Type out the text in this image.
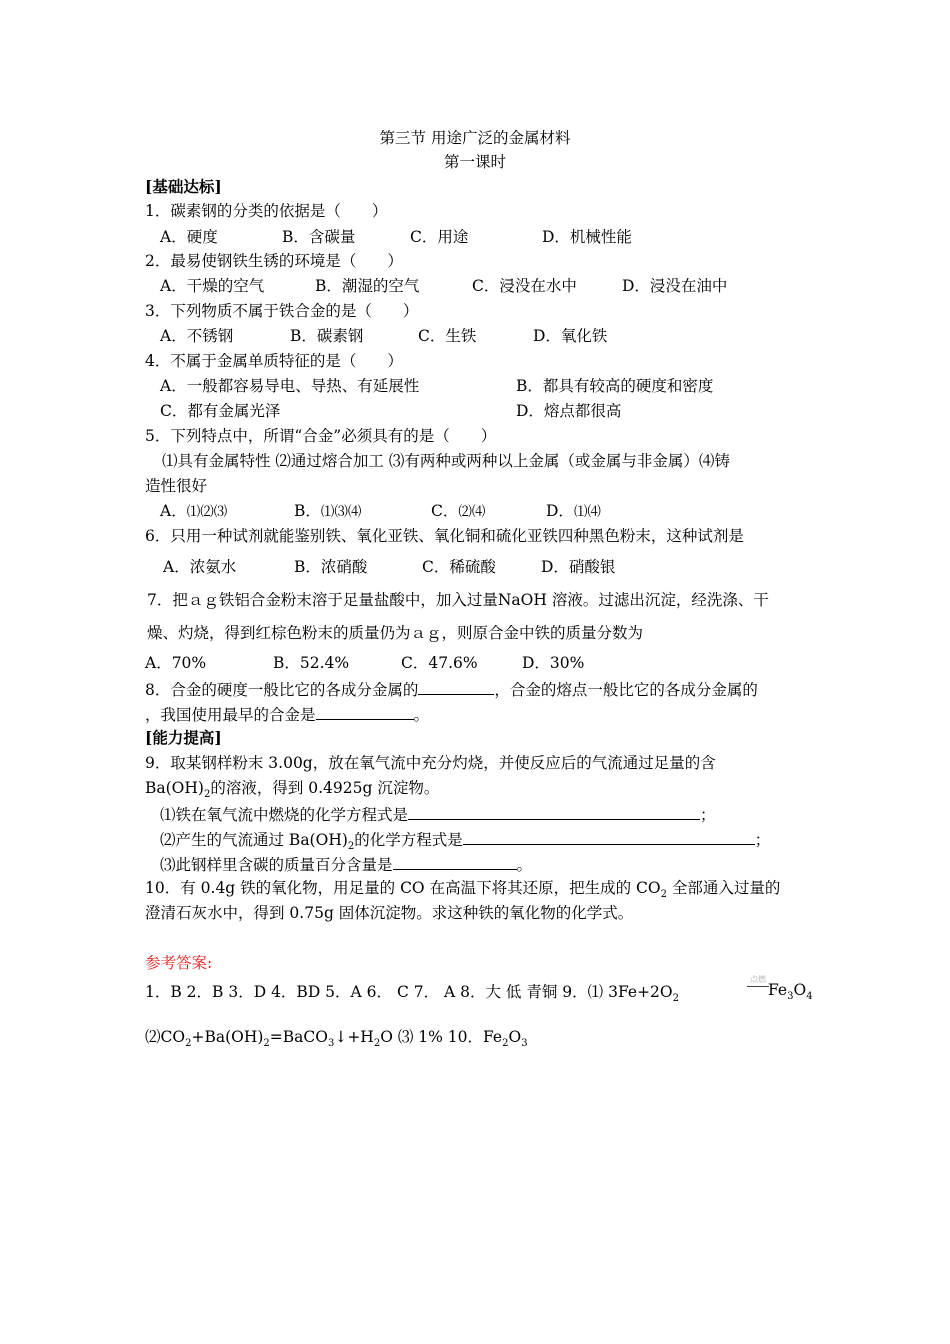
第三节 用途广泛的金属材料
第一课时
[基础达标]
1．碳素钢的分类的依据是（　　）
A．硬度	B．含碳量	C．用途	D．机械性能
2．最易使钢铁生锈的环境是（　　）
A．干燥的空气	B．潮湿的空气	C．浸没在水中	D．浸没在油中
3．下列物质不属于铁合金的是（　　）
A．不锈钢	B．碳素钢	C．生铁	D．氧化铁
4．不属于金属单质特征的是（　　）
A．一般都容易导电、导热、有延展性	B．都具有较高的硬度和密度
C．都有金属光泽	D．熔点都很高
5．下列特点中，所谓“合金”必须具有的是（　　）
⑴具有金属特性 ⑵通过熔合加工 ⑶有两种或两种以上金属（或金属与非金属）⑷铸
造性很好
A．⑴⑵⑶	B．⑴⑶⑷	C．⑵⑷	D．⑴⑷
6．只用一种试剂就能鉴别铁、氧化亚铁、氧化铜和硫化亚铁四种黑色粉末，这种试剂是
A．浓氨水	B．浓硝酸	C．稀硫酸	D．硝酸银
7．把ａｇ铁铝合金粉末溶于足量盐酸中，加入过量NaOH 溶液。过滤出沉淀，经洗涤、干
燥、灼烧，得到红棕色粉末的质量仍为ａｇ，则原合金中铁的质量分数为
A．70%	B．52.4%	C．47.6%	D．30%
8．合金的硬度一般比它的各成分金属的	，合金的熔点一般比它的各成分金属的
，我国使用最早的合金是	。
[能力提高]
9．取某钢样粉末 3.00g，放在氧气流中充分灼烧，并使反应后的气流通过足量的含
$Ba(OH)_2$的溶液，得到 0.4925g 沉淀物。
⑴铁在氧气流中燃烧的化学方程式是	；
⑵产生的气流通过 $Ba(OH)_2$的化学方程式是	；
⑶此钢样里含碳的质量百分含量是	。
10．有 0.4g 铁的氧化物，用足量的 CO 在高温下将其还原，把生成的 $CO_2$ 全部通入过量的
澄清石灰水中，得到 0.75g 固体沉淀物。求这种铁的氧化物的化学式。
参考答案:
1．B 2．B 3．D 4．BD 5．A 6． C 7． A 8．大 低 青铜 9．⑴ $3Fe+2O_2$
点燃
$Fe_3O_4$
$⑵CO_2+Ba(OH)_2=BaCO_3↓+H_2O$ ⑶ 1% 10．$Fe_2O_3$
